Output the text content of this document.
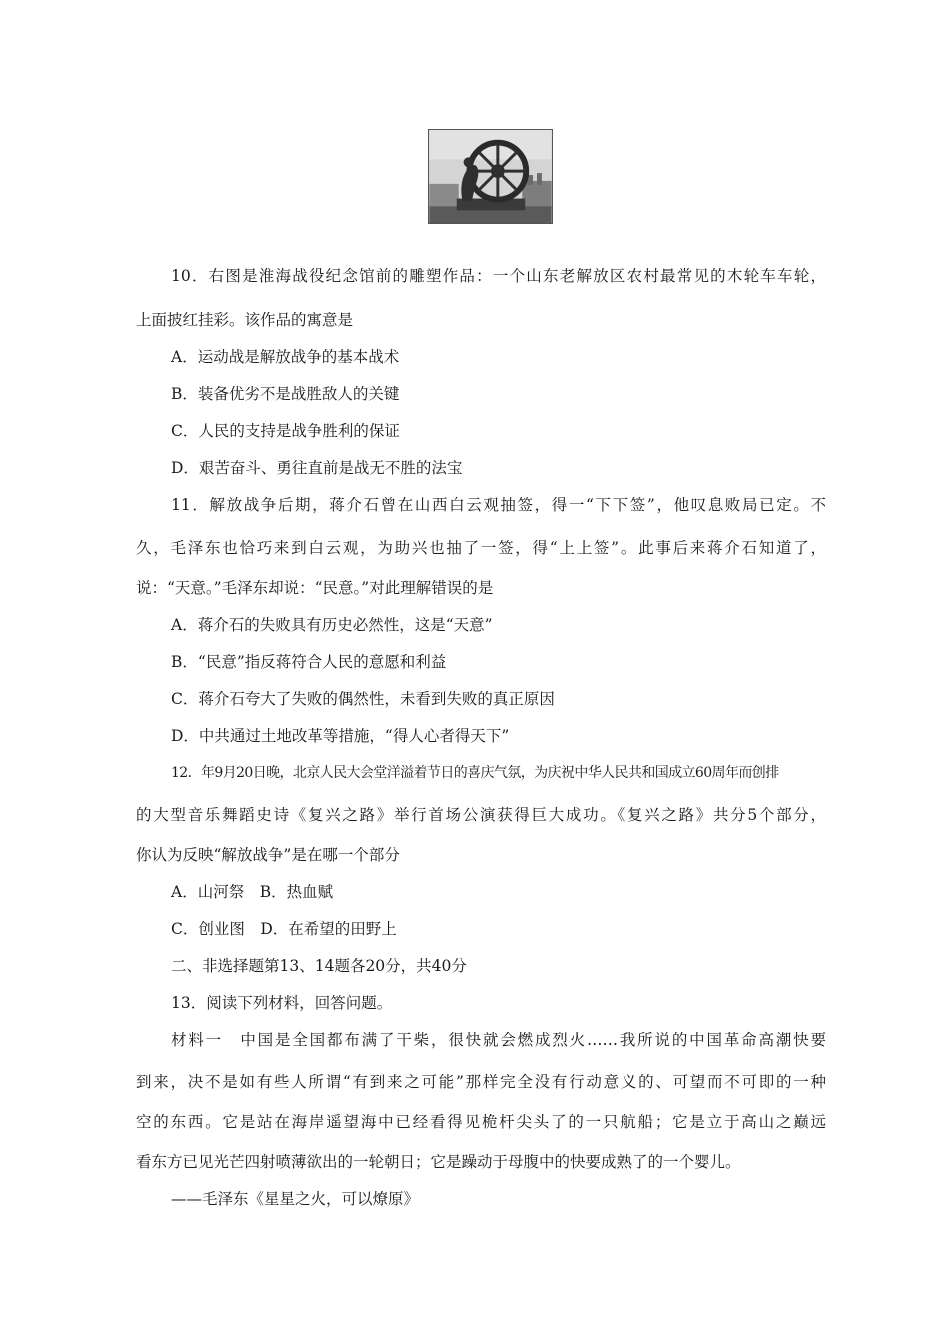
10．右图是淮海战役纪念馆前的雕塑作品：一个山东老解放区农村最常见的木轮车车轮，
上面披红挂彩。该作品的寓意是
A．运动战是解放战争的基本战术
B．装备优劣不是战胜敌人的关键
C．人民的支持是战争胜利的保证
D．艰苦奋斗、勇往直前是战无不胜的法宝
11．解放战争后期，蒋介石曾在山西白云观抽签，得一“下下签”，他叹息败局已定。不
久，毛泽东也恰巧来到白云观，为助兴也抽了一签，得“上上签”。此事后来蒋介石知道了，
说：“天意。”毛泽东却说：“民意。”对此理解错误的是
A．蒋介石的失败具有历史必然性，这是“天意”
B．“民意”指反蒋符合人民的意愿和利益
C．蒋介石夸大了失败的偶然性，未看到失败的真正原因
D．中共通过土地改革等措施，“得人心者得天下”
12．年9月20日晚，北京人民大会堂洋溢着节日的喜庆气氛，为庆祝中华人民共和国成立60周年而创排
的大型音乐舞蹈史诗《复兴之路》举行首场公演获得巨大成功。《复兴之路》共分5个部分，
你认为反映“解放战争”是在哪一个部分
A．山河祭　B．热血赋
C．创业图　D．在希望的田野上
二、非选择题第13、14题各20分，共40分
13．阅读下列材料，回答问题。
材料一　中国是全国都布满了干柴，很快就会燃成烈火……我所说的中国革命高潮快要
到来，决不是如有些人所谓“有到来之可能”那样完全没有行动意义的、可望而不可即的一种
空的东西。它是站在海岸遥望海中已经看得见桅杆尖头了的一只航船；它是立于高山之巅远
看东方已见光芒四射喷薄欲出的一轮朝日；它是躁动于母腹中的快要成熟了的一个婴儿。
——毛泽东《星星之火，可以燎原》
